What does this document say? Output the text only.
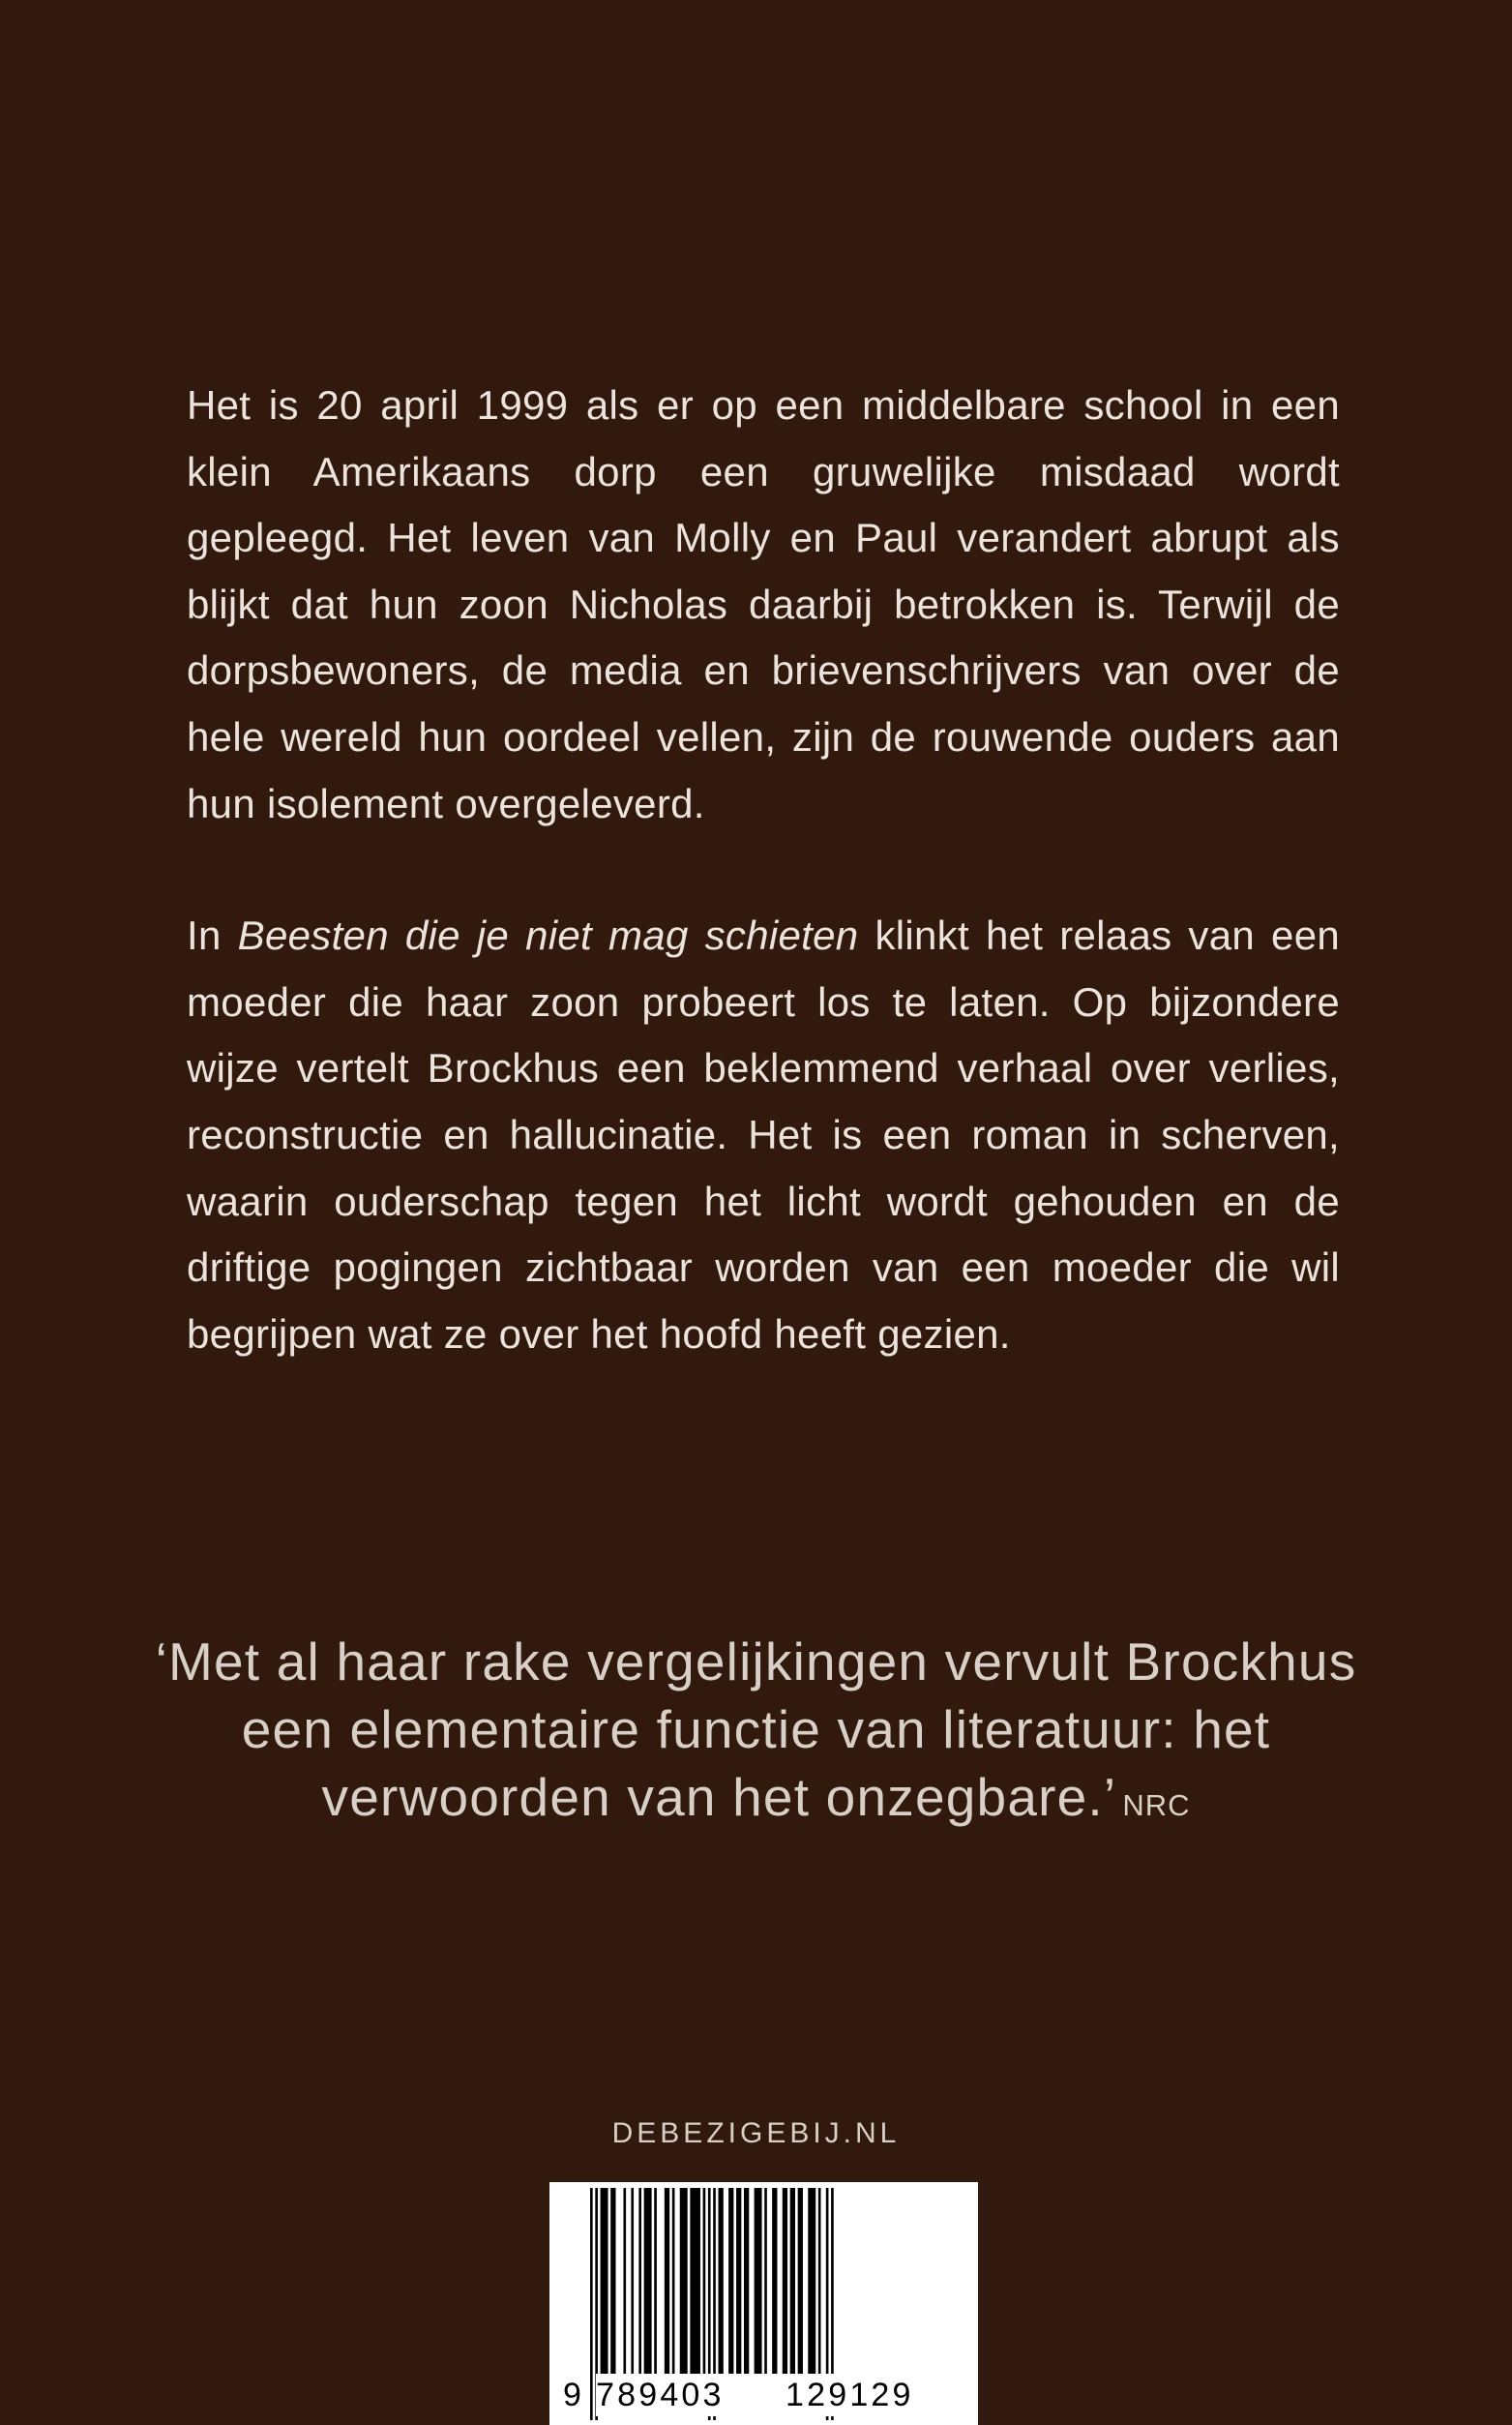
Het is 20 april 1999 als er op een middelbare school in een klein Amerikaans dorp een gruwelijke misdaad wordt gepleegd. Het leven van Molly en Paul verandert abrupt als blijkt dat hun zoon Nicholas daarbij betrokken is. Terwijl de dorpsbewoners, de media en brievenschrijvers van over de hele wereld hun oordeel vellen, zijn de rouwende ouders aan hun isolement overgeleverd.

In Beesten die je niet mag schieten klinkt het relaas van een moeder die haar zoon probeert los te laten. Op bijzondere wijze vertelt Brockhus een beklemmend verhaal over verlies, reconstructie en hallucinatie. Het is een roman in scherven, waarin ouderschap tegen het licht wordt gehouden en de driftige pogingen zichtbaar worden van een moeder die wil begrijpen wat ze over het hoofd heeft gezien.

‘Met al haar rake vergelijkingen vervult Brockhus een elementaire functie van literatuur: het verwoorden van het onzegbare.’ NRC
DEBEZIGEBIJ.NL
9 789403 129129
